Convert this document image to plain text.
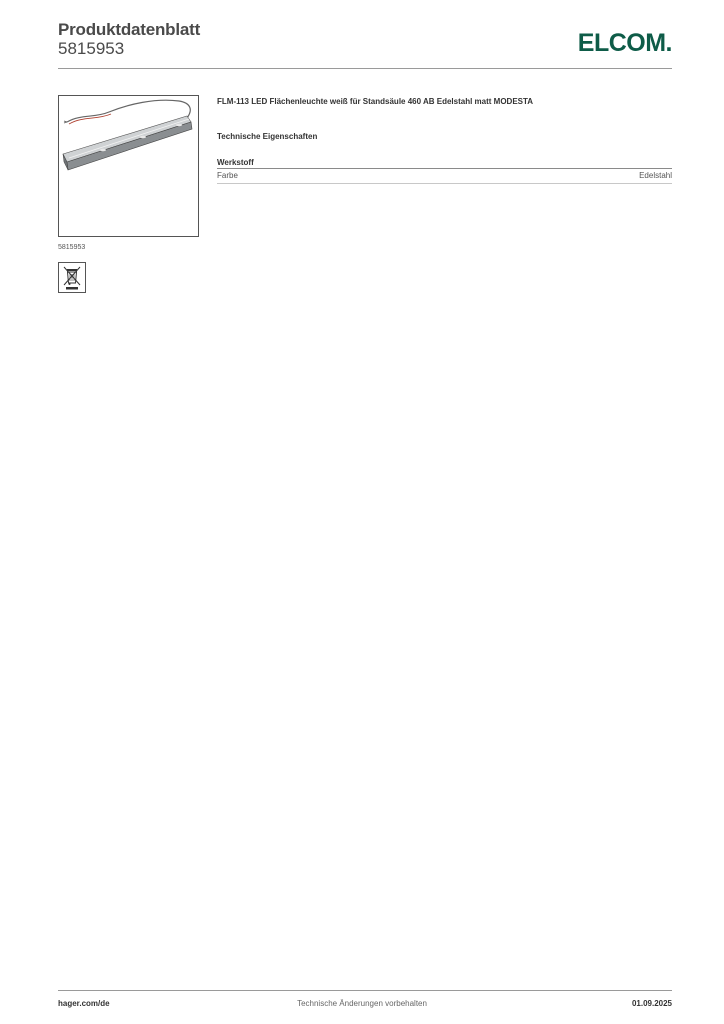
Produktdatenblatt
5815953	ELCOM.
5815953
FLM-113 LED Flächenleuchte weiß für Standsäule 460 AB Edelstahl matt MODESTA
Technische Eigenschaften
Werkstoff
Farbe	Edelstahl
hager.com/de	Technische Änderungen vorbehalten	01.09.2025
